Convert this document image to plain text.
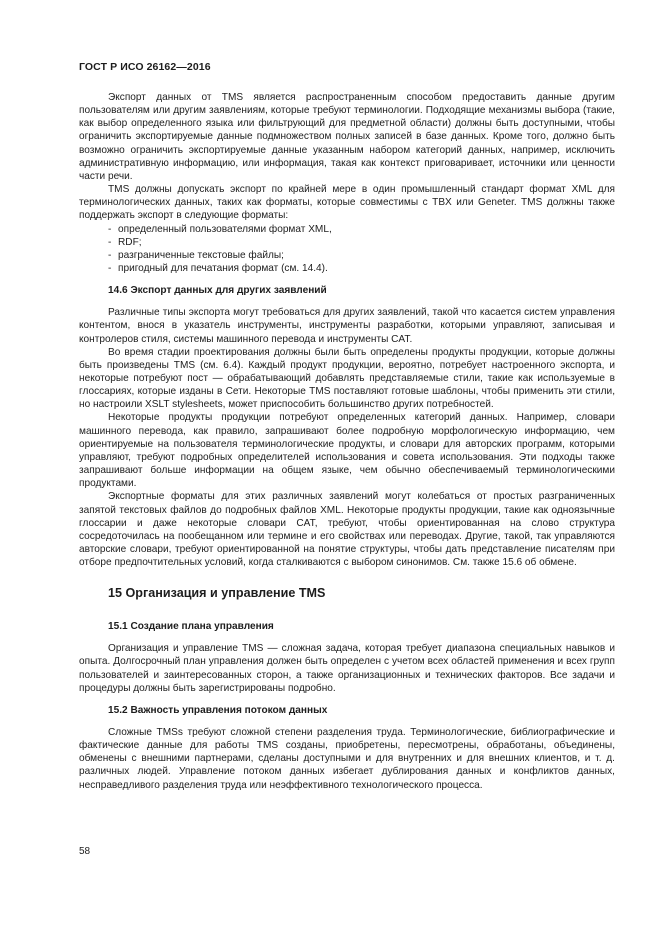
ГОСТ Р ИСО 26162—2016

Экспорт данных от TMS является распространенным способом предоставить данные другим пользователям или другим заявлениям, которые требуют терминологии. Подходящие механизмы выбора (такие, как выбор определенного языка или фильтрующий для предметной области) должны быть доступными, чтобы ограничить экспортируемые данные подмножеством полных записей в базе данных. Кроме того, должно быть возможно ограничить экспортируемые данные указанным набором категорий данных, например, исключить административную информацию, или информация, такая как контекст приговаривает, источники или ценности части речи.

TMS должны допускать экспорт по крайней мере в один промышленный стандарт формат XML для терминологических данных, таких как форматы, которые совместимы с TBX или Geneter. TMS должны также поддержать экспорт в следующие форматы:

- определенный пользователями формат XML,
- RDF;
- разграниченные текстовые файлы;
- пригодный для печатания формат (см. 14.4).
14.6 Экспорт данных для других заявлений

Различные типы экспорта могут требоваться для других заявлений, такой что касается систем управления контентом, внося в указатель инструменты, инструменты разработки, которыми управляют, записывая и контролеров стиля, системы машинного перевода и инструменты CAT.

Во время стадии проектирования должны были быть определены продукты продукции, которые должны быть произведены TMS (см. 6.4). Каждый продукт продукции, вероятно, потребует настроенного экспорта, и некоторые потребуют пост — обрабатывающий добавлять представляемые стили, такие как используемые в глоссариях, которые изданы в Сети. Некоторые TMS поставляют готовые шаблоны, чтобы применить эти стили, но настроили XSLT stylesheets, может приспособить большинство других потребностей.

Некоторые продукты продукции потребуют определенных категорий данных. Например, словари машинного перевода, как правило, запрашивают более подробную морфологическую информацию, чем ориентируемые на пользователя терминологические продукты, и словари для авторских программ, которыми управляют, требуют подробных определителей использования и совета использования. Эти подходы также запрашивают больше информации на общем языке, чем обычно обеспечиваемый терминологическими продуктами.

Экспортные форматы для этих различных заявлений могут колебаться от простых разграниченных запятой текстовых файлов до подробных файлов XML. Некоторые продукты продукции, такие как одноязычные глоссарии и даже некоторые словари CAT, требуют, чтобы ориентированная на слово структура сосредоточилась на пообещанном или термине и его свойствах или переводах. Другие, такой, так управляются авторские словари, требуют ориентированной на понятие структуры, чтобы дать представление писателям при отборе предпочтительных условий, когда сталкиваются с выбором синонимов. См. также 15.6 об обмене.

15 Организация и управление TMS
15.1 Создание плана управления

Организация и управление TMS — сложная задача, которая требует диапазона специальных навыков и опыта. Долгосрочный план управления должен быть определен с учетом всех областей применения и всех групп пользователей и заинтересованных сторон, а также организационных и технических факторов. Все задачи и процедуры должны быть зарегистрированы подробно.

15.2 Важность управления потоком данных

Сложные TMSs требуют сложной степени разделения труда. Терминологические, библиографические и фактические данные для работы TMS созданы, приобретены, пересмотрены, обработаны, объединены, обменены с внешними партнерами, сделаны доступными и для внутренних и для внешних клиентов, и т. д. различных людей. Управление потоком данных избегает дублирования данных и конфликтов данных, несправедливого разделения труда или неэффективного технологического процесса.

58
